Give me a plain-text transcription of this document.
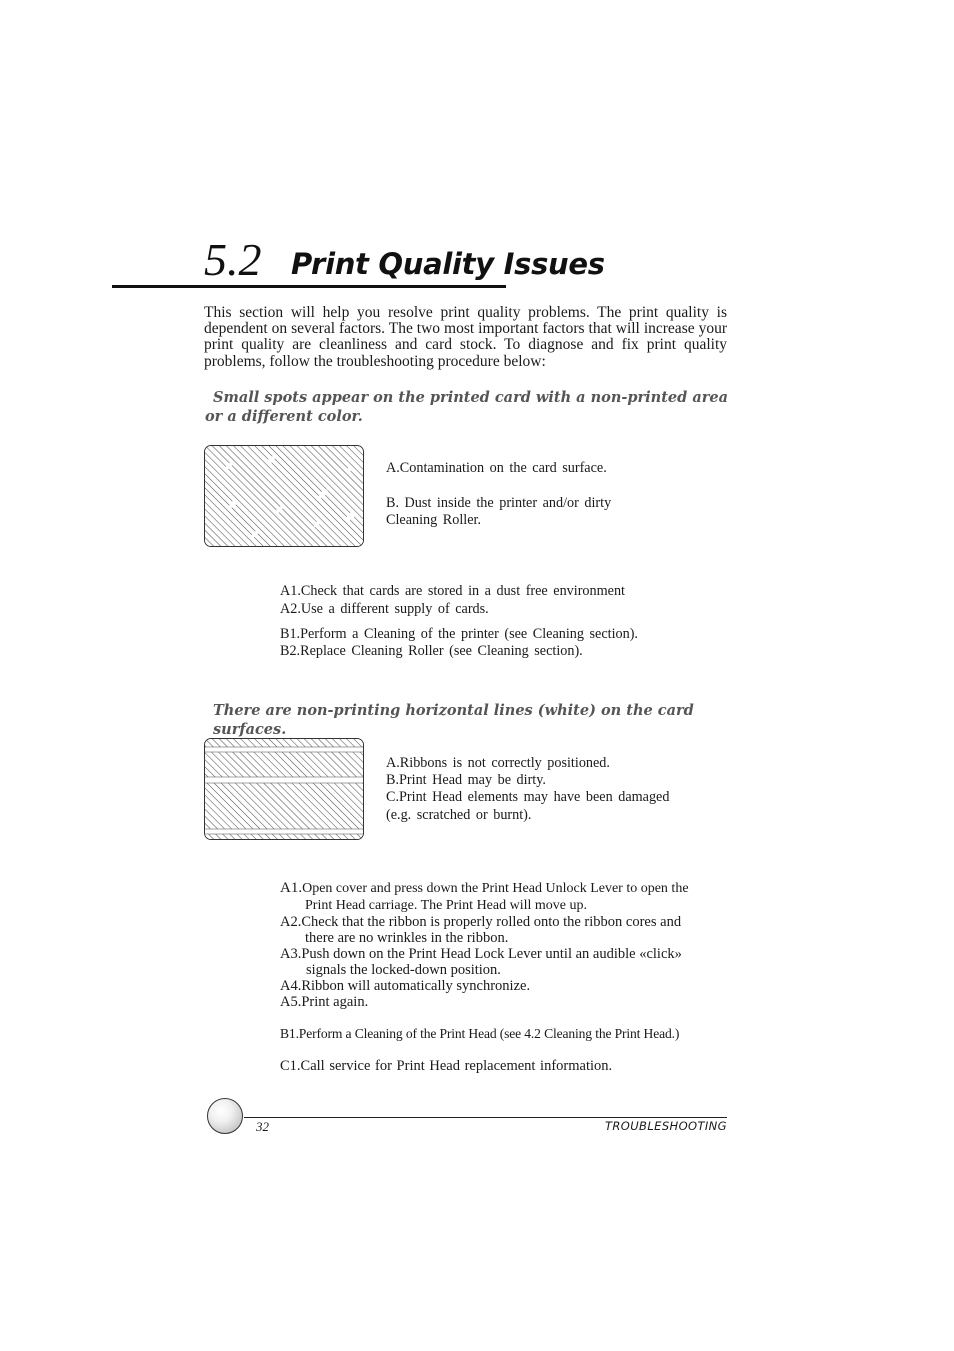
5.2 Print Quality Issues
This section will help you resolve print quality problems. The print quality is dependent on several factors. The two most important factors that will increase your print quality are cleanliness and card stock. To diagnose and fix print quality problems, follow the troubleshooting procedure below:
Small spots appear on the printed card with a non-printed area or a different color.
A.Contamination on the card surface.
B. Dust inside the printer and/or dirty
Cleaning Roller.
A1.Check that cards are stored in a dust free environment
A2.Use a different supply of cards.
B1.Perform a Cleaning of the printer (see Cleaning section).
B2.Replace Cleaning Roller (see Cleaning section).
There are non-printing horizontal lines (white) on the card surfaces.
A.Ribbons is not correctly positioned.
B.Print Head may be dirty.
C.Print Head elements may have been damaged
(e.g. scratched or burnt).
A1.Open cover and press down the Print Head Unlock Lever to open the
Print Head carriage. The Print Head will move up.
A2.Check that the ribbon is properly rolled onto the ribbon cores and
there are no wrinkles in the ribbon.
A3.Push down on the Print Head Lock Lever until an audible «click»
signals the locked-down position.
A4.Ribbon will automatically synchronize.
A5.Print again.
B1.Perform a Cleaning of the Print Head (see 4.2 Cleaning the Print Head.)
C1.Call service for Print Head replacement information.
32	TROUBLESHOOTING
